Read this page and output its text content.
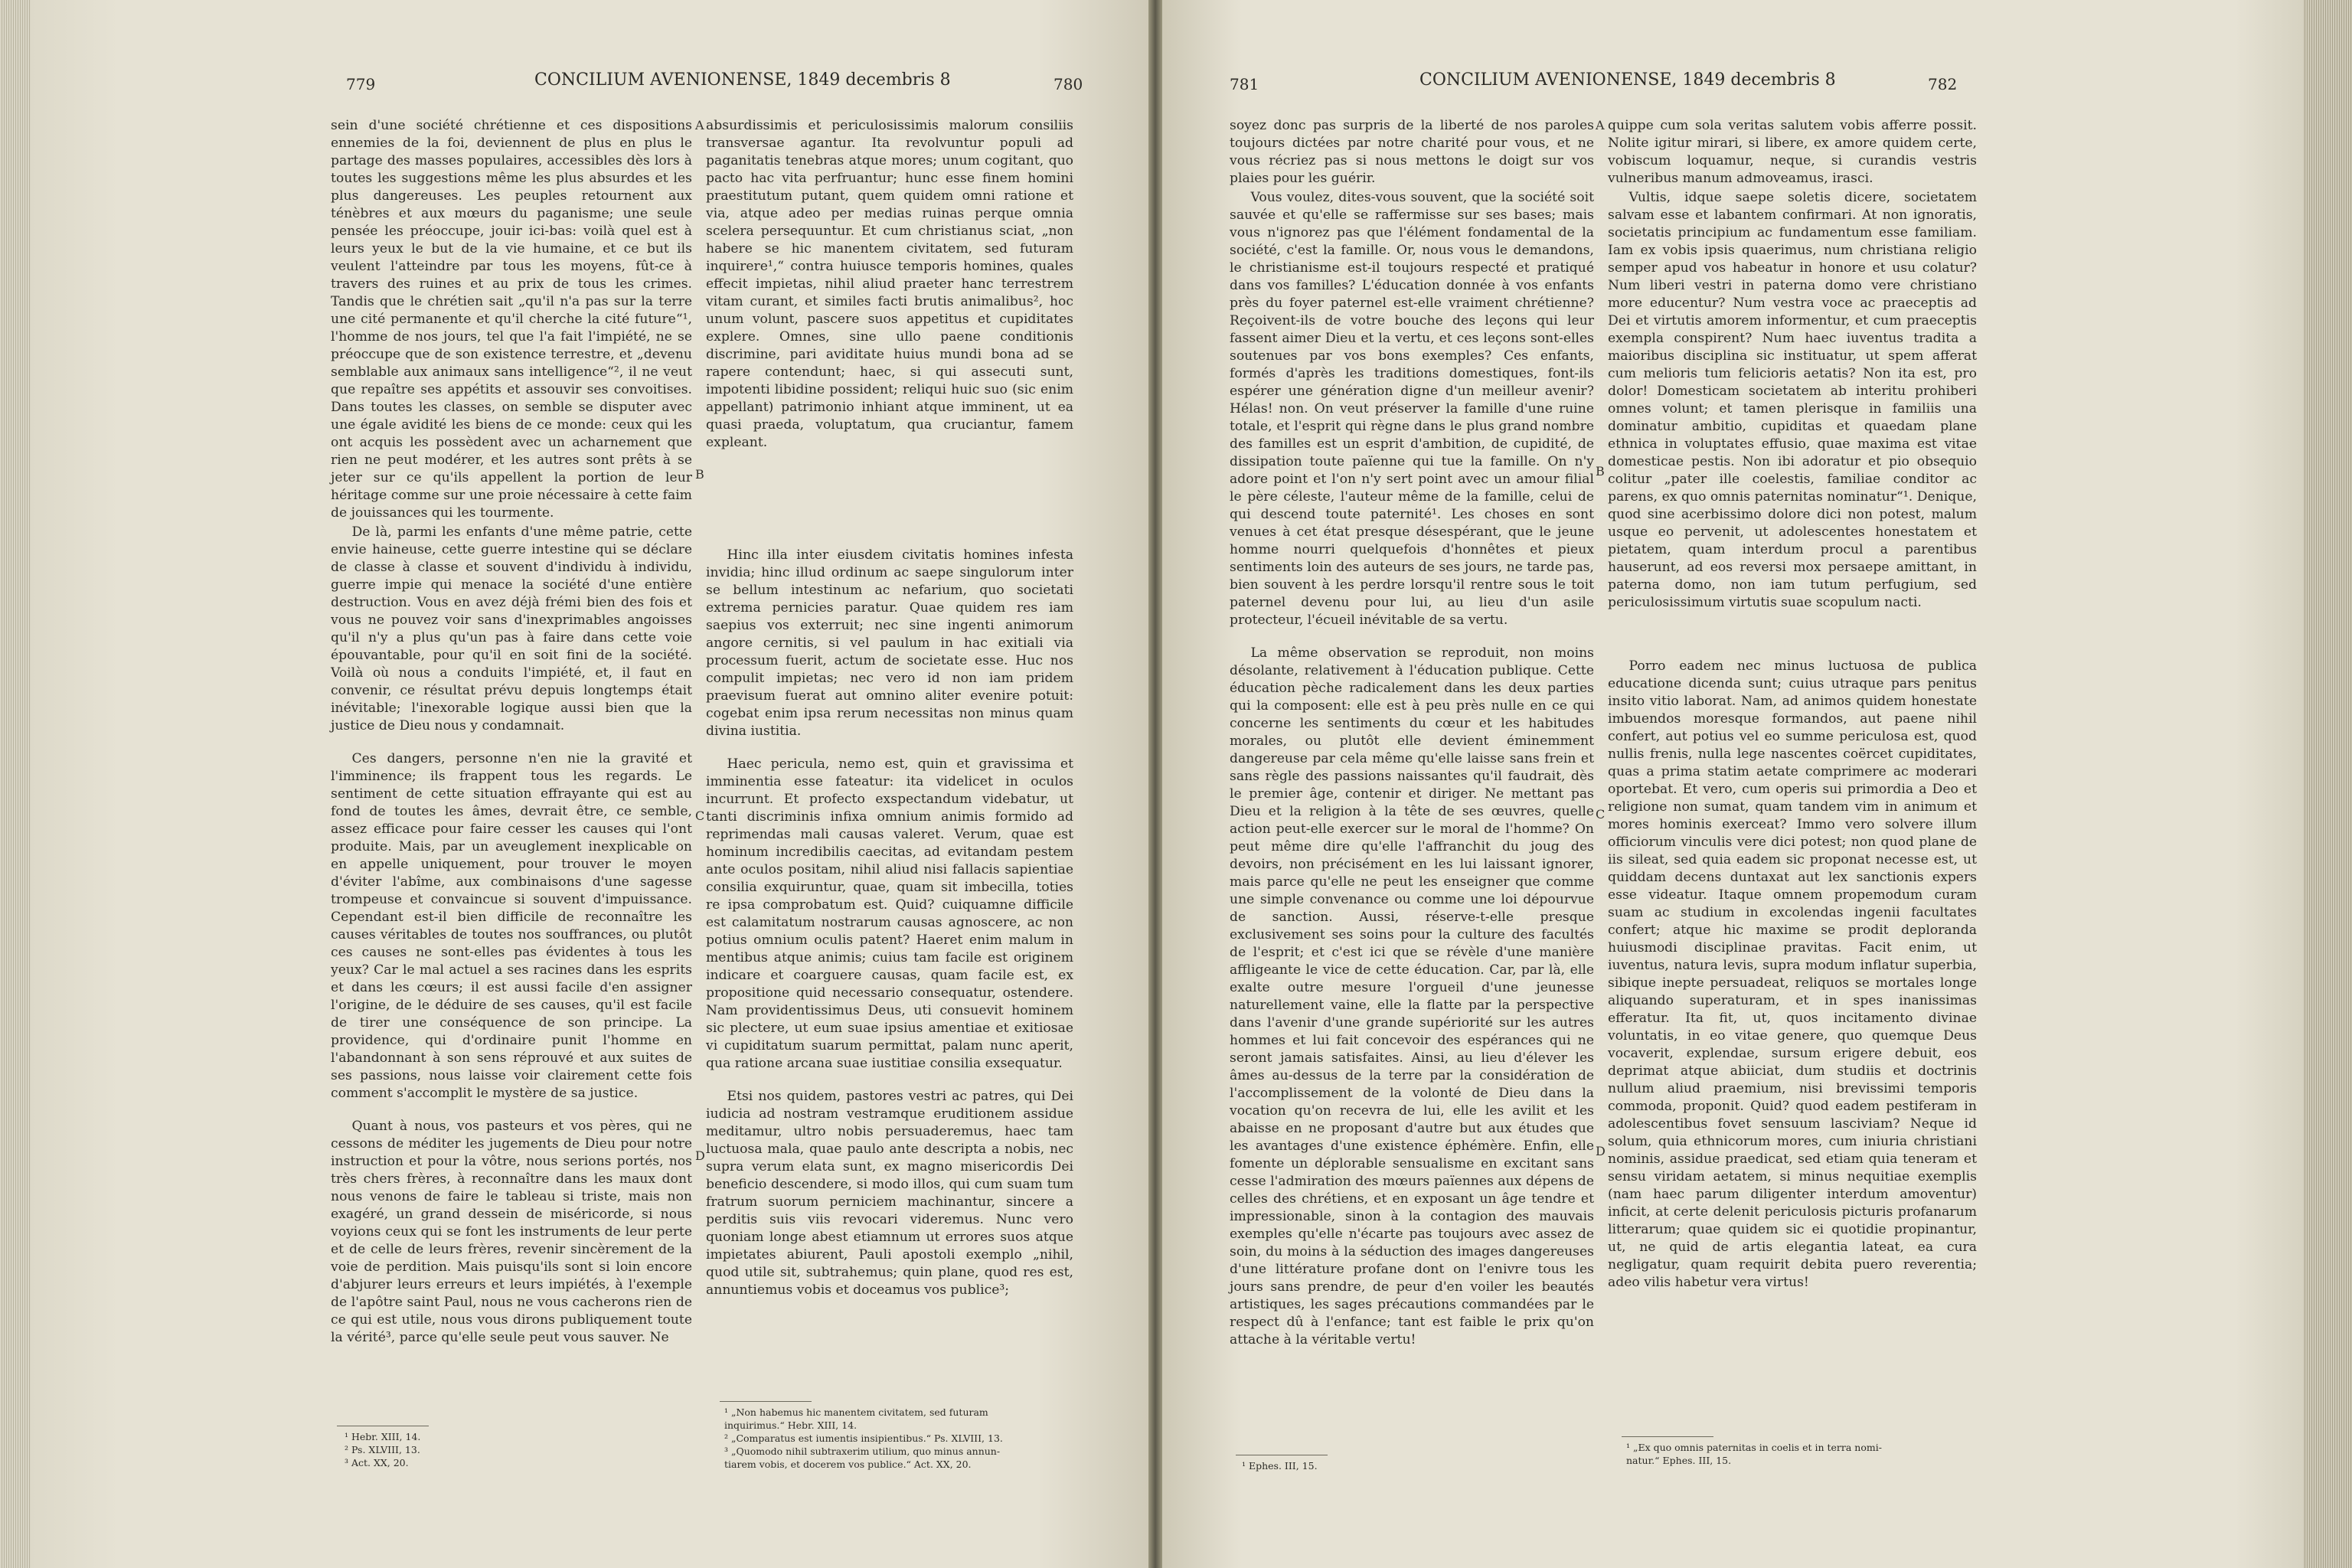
779	CONCILIUM AVENIONENSE, 1849 decembris 8	780

sein d'une société chrétienne et ces dispositions ennemies de la foi, deviennent de plus en plus le partage des masses populaires, accessibles dès lors à toutes les suggestions même les plus absurdes et les plus dangereuses. Les peuples retournent aux ténèbres et aux mœurs du paganisme; une seule pensée les préoccupe, jouir ici-bas: voilà quel est à leurs yeux le but de la vie humaine, et ce but ils veulent l'atteindre par tous les moyens, fût-ce à travers des ruines et au prix de tous les crimes. Tandis que le chrétien sait „qu'il n'a pas sur la terre une cité permanente et qu'il cherche la cité future“¹, l'homme de nos jours, tel que l'a fait l'impiété, ne se préoccupe que de son existence terrestre, et „devenu semblable aux animaux sans intelligence“², il ne veut que repaître ses appétits et assouvir ses convoitises. Dans toutes les classes, on semble se disputer avec une égale avidité les biens de ce monde: ceux qui les ont acquis les possèdent avec un acharnement que rien ne peut modérer, et les autres sont prêts à se jeter sur ce qu'ils appellent la portion de leur héritage comme sur une proie nécessaire à cette faim de jouissances qui les tourmente.

De là, parmi les enfants d'une même patrie, cette envie haineuse, cette guerre intestine qui se déclare de classe à classe et souvent d'individu à individu, guerre impie qui menace la société d'une entière destruction. Vous en avez déjà frémi bien des fois et vous ne pouvez voir sans d'inexprimables angoisses qu'il n'y a plus qu'un pas à faire dans cette voie épouvantable, pour qu'il en soit fini de la société. Voilà où nous a conduits l'impiété, et, il faut en convenir, ce résultat prévu depuis longtemps était inévitable; l'inexorable logique aussi bien que la justice de Dieu nous y condamnait.

Ces dangers, personne n'en nie la gravité et l'imminence; ils frappent tous les regards. Le sentiment de cette situation effrayante qui est au fond de toutes les âmes, devrait être, ce semble, assez efficace pour faire cesser les causes qui l'ont produite. Mais, par un aveuglement inexplicable on en appelle uniquement, pour trouver le moyen d'éviter l'abîme, aux combinaisons d'une sagesse trompeuse et convaincue si souvent d'impuissance. Cependant est-il bien difficile de reconnaître les causes véritables de toutes nos souffrances, ou plutôt ces causes ne sont-elles pas évidentes à tous les yeux? Car le mal actuel a ses racines dans les esprits et dans les cœurs; il est aussi facile d'en assigner l'origine, de le déduire de ses causes, qu'il est facile de tirer une conséquence de son principe. La providence, qui d'ordinaire punit l'homme en l'abandonnant à son sens réprouvé et aux suites de ses passions, nous laisse voir clairement cette fois comment s'accomplit le mystère de sa justice.

Quant à nous, vos pasteurs et vos pères, qui ne cessons de méditer les jugements de Dieu pour notre instruction et pour la vôtre, nous serions portés, nos très chers frères, à reconnaître dans les maux dont nous venons de faire le tableau si triste, mais non exagéré, un grand dessein de miséricorde, si nous voyions ceux qui se font les instruments de leur perte et de celle de leurs frères, revenir sincèrement de la voie de perdition. Mais puisqu'ils sont si loin encore d'abjurer leurs erreurs et leurs impiétés, à l'exemple de l'apôtre saint Paul, nous ne vous cacherons rien de ce qui est utile, nous vous dirons publiquement toute la vérité³, parce qu'elle seule peut vous sauver. Ne

absurdissimis et periculosissimis malorum consiliis transversae agantur. Ita revolvuntur populi ad paganitatis tenebras atque mores; unum cogitant, quo pacto hac vita perfruantur; hunc esse finem homini praestitutum putant, quem quidem omni ratione et via, atque adeo per medias ruinas perque omnia scelera persequuntur. Et cum christianus sciat, „non habere se hic manentem civitatem, sed futuram inquirere¹,“ contra huiusce temporis homines, quales effecit impietas, nihil aliud praeter hanc terrestrem vitam curant, et similes facti brutis animalibus², hoc unum volunt, pascere suos appetitus et cupiditates explere. Omnes, sine ullo paene conditionis discrimine, pari aviditate huius mundi bona ad se rapere contendunt; haec, si qui assecuti sunt, impotenti libidine possident; reliqui huic suo (sic enim appellant) patrimonio inhiant atque imminent, ut ea quasi praeda, voluptatum, qua cruciantur, famem expleant.

Hinc illa inter eiusdem civitatis homines infesta invidia; hinc illud ordinum ac saepe singulorum inter se bellum intestinum ac nefarium, quo societati extrema pernicies paratur. Quae quidem res iam saepius vos exterruit; nec sine ingenti animorum angore cernitis, si vel paulum in hac exitiali via processum fuerit, actum de societate esse. Huc nos compulit impietas; nec vero id non iam pridem praevisum fuerat aut omnino aliter evenire potuit: cogebat enim ipsa rerum necessitas non minus quam divina iustitia.

Haec pericula, nemo est, quin et gravissima et imminentia esse fateatur: ita videlicet in oculos incurrunt. Et profecto exspectandum videbatur, ut tanti discriminis infixa omnium animis formido ad reprimendas mali causas valeret. Verum, quae est hominum incredibilis caecitas, ad evitandam pestem ante oculos positam, nihil aliud nisi fallacis sapientiae consilia exquiruntur, quae, quam sit imbecilla, toties re ipsa comprobatum est. Quid? cuiquamne difficile est calamitatum nostrarum causas agnoscere, ac non potius omnium oculis patent? Haeret enim malum in mentibus atque animis; cuius tam facile est originem indicare et coarguere causas, quam facile est, ex propositione quid necessario consequatur, ostendere. Nam providentissimus Deus, uti consuevit hominem sic plectere, ut eum suae ipsius amentiae et exitiosae vi cupiditatum suarum permittat, palam nunc aperit, qua ratione arcana suae iustitiae consilia exsequatur.

Etsi nos quidem, pastores vestri ac patres, qui Dei iudicia ad nostram vestramque eruditionem assidue meditamur, ultro nobis persuaderemus, haec tam luctuosa mala, quae paulo ante descripta a nobis, nec supra verum elata sunt, ex magno misericordis Dei beneficio descendere, si modo illos, qui cum suam tum fratrum suorum perniciem machinantur, sincere a perditis suis viis revocari videremus. Nunc vero quoniam longe abest etiamnum ut errores suos atque impietates abiurent, Pauli apostoli exemplo „nihil, quod utile sit, subtrahemus; quin plane, quod res est, annuntiemus vobis et doceamus vos publice³;

A
B
C
D
¹ Hebr. XIII, 14.
² Ps. XLVIII, 13.
³ Act. XX, 20.
¹ „Non habemus hic manentem civitatem, sed futuram
inquirimus.“ Hebr. XIII, 14.
² „Comparatus est iumentis insipientibus.“ Ps. XLVIII, 13.
³ „Quomodo nihil subtraxerim utilium, quo minus annun-
tiarem vobis, et docerem vos publice.“ Act. XX, 20.
781	CONCILIUM AVENIONENSE, 1849 decembris 8	782

soyez donc pas surpris de la liberté de nos paroles toujours dictées par notre charité pour vous, et ne vous récriez pas si nous mettons le doigt sur vos plaies pour les guérir.

Vous voulez, dites-vous souvent, que la société soit sauvée et qu'elle se raffermisse sur ses bases; mais vous n'ignorez pas que l'élément fondamental de la société, c'est la famille. Or, nous vous le demandons, le christianisme est-il toujours respecté et pratiqué dans vos familles? L'éducation donnée à vos enfants près du foyer paternel est-elle vraiment chrétienne? Reçoivent-ils de votre bouche des leçons qui leur fassent aimer Dieu et la vertu, et ces leçons sont-elles soutenues par vos bons exemples? Ces enfants, formés d'après les traditions domestiques, font-ils espérer une génération digne d'un meilleur avenir? Hélas! non. On veut préserver la famille d'une ruine totale, et l'esprit qui règne dans le plus grand nombre des familles est un esprit d'ambition, de cupidité, de dissipation toute païenne qui tue la famille. On n'y adore point et l'on n'y sert point avec un amour filial le père céleste, l'auteur même de la famille, celui de qui descend toute paternité¹. Les choses en sont venues à cet état presque désespérant, que le jeune homme nourri quelquefois d'honnêtes et pieux sentiments loin des auteurs de ses jours, ne tarde pas, bien souvent à les perdre lorsqu'il rentre sous le toit paternel devenu pour lui, au lieu d'un asile protecteur, l'écueil inévitable de sa vertu.

La même observation se reproduit, non moins désolante, relativement à l'éducation publique. Cette éducation pèche radicalement dans les deux parties qui la composent: elle est à peu près nulle en ce qui concerne les sentiments du cœur et les habitudes morales, ou plutôt elle devient éminemment dangereuse par cela même qu'elle laisse sans frein et sans règle des passions naissantes qu'il faudrait, dès le premier âge, contenir et diriger. Ne mettant pas Dieu et la religion à la tête de ses œuvres, quelle action peut-elle exercer sur le moral de l'homme? On peut même dire qu'elle l'affranchit du joug des devoirs, non précisément en les lui laissant ignorer, mais parce qu'elle ne peut les enseigner que comme une simple convenance ou comme une loi dépourvue de sanction. Aussi, réserve-t-elle presque exclusivement ses soins pour la culture des facultés de l'esprit; et c'est ici que se révèle d'une manière affligeante le vice de cette éducation. Car, par là, elle exalte outre mesure l'orgueil d'une jeunesse naturellement vaine, elle la flatte par la perspective dans l'avenir d'une grande supériorité sur les autres hommes et lui fait concevoir des espérances qui ne seront jamais satisfaites. Ainsi, au lieu d'élever les âmes au-dessus de la terre par la considération de l'accomplissement de la volonté de Dieu dans la vocation qu'on recevra de lui, elle les avilit et les abaisse en ne proposant d'autre but aux études que les avantages d'une existence éphémère. Enfin, elle fomente un déplorable sensualisme en excitant sans cesse l'admiration des mœurs païennes aux dépens de celles des chrétiens, et en exposant un âge tendre et impressionable, sinon à la contagion des mauvais exemples qu'elle n'écarte pas toujours avec assez de soin, du moins à la séduction des images dangereuses d'une littérature profane dont on l'enivre tous les jours sans prendre, de peur d'en voiler les beautés artistiques, les sages précautions commandées par le respect dû à l'enfance; tant est faible le prix qu'on attache à la véritable vertu!

quippe cum sola veritas salutem vobis afferre possit. Nolite igitur mirari, si libere, ex amore quidem certe, vobiscum loquamur, neque, si curandis vestris vulneribus manum admoveamus, irasci.

Vultis, idque saepe soletis dicere, societatem salvam esse et labantem confirmari. At non ignoratis, societatis principium ac fundamentum esse familiam. Iam ex vobis ipsis quaerimus, num christiana religio semper apud vos habeatur in honore et usu colatur? Num liberi vestri in paterna domo vere christiano more educentur? Num vestra voce ac praeceptis ad Dei et virtutis amorem informentur, et cum praeceptis exempla conspirent? Num haec iuventus tradita a maioribus disciplina sic instituatur, ut spem afferat cum melioris tum felicioris aetatis? Non ita est, pro dolor! Domesticam societatem ab interitu prohiberi omnes volunt; et tamen plerisque in familiis una dominatur ambitio, cupiditas et quaedam plane ethnica in voluptates effusio, quae maxima est vitae domesticae pestis. Non ibi adoratur et pio obsequio colitur „pater ille coelestis, familiae conditor ac parens, ex quo omnis paternitas nominatur“¹. Denique, quod sine acerbissimo dolore dici non potest, malum usque eo pervenit, ut adolescentes honestatem et pietatem, quam interdum procul a parentibus hauserunt, ad eos reversi mox persaepe amittant, in paterna domo, non iam tutum perfugium, sed periculosissimum virtutis suae scopulum nacti.

Porro eadem nec minus luctuosa de publica educatione dicenda sunt; cuius utraque pars penitus insito vitio laborat. Nam, ad animos quidem honestate imbuendos moresque formandos, aut paene nihil confert, aut potius vel eo summe periculosa est, quod nullis frenis, nulla lege nascentes coërcet cupiditates, quas a prima statim aetate comprimere ac moderari oportebat. Et vero, cum operis sui primordia a Deo et religione non sumat, quam tandem vim in animum et mores hominis exerceat? Immo vero solvere illum officiorum vinculis vere dici potest; non quod plane de iis sileat, sed quia eadem sic proponat necesse est, ut quiddam decens duntaxat aut lex sanctionis expers esse videatur. Itaque omnem propemodum curam suam ac studium in excolendas ingenii facultates confert; atque hic maxime se prodit deploranda huiusmodi disciplinae pravitas. Facit enim, ut iuventus, natura levis, supra modum inflatur superbia, sibique inepte persuadeat, reliquos se mortales longe aliquando superaturam, et in spes inanissimas efferatur. Ita fit, ut, quos incitamento divinae voluntatis, in eo vitae genere, quo quemque Deus vocaverit, explendae, sursum erigere debuit, eos deprimat atque abiiciat, dum studiis et doctrinis nullum aliud praemium, nisi brevissimi temporis commoda, proponit. Quid? quod eadem pestiferam in adolescentibus fovet sensuum lasciviam? Neque id solum, quia ethnicorum mores, cum iniuria christiani nominis, assidue praedicat, sed etiam quia teneram et sensu viridam aetatem, si minus nequitiae exemplis (nam haec parum diligenter interdum amoventur) inficit, at certe delenit periculosis picturis profanarum litterarum; quae quidem sic ei quotidie propinantur, ut, ne quid de artis elegantia lateat, ea cura negligatur, quam requirit debita puero reverentia; adeo vilis habetur vera virtus!

A
B
C
D
¹ Ephes. III, 15.
¹ „Ex quo omnis paternitas in coelis et in terra nomi-
natur.“ Ephes. III, 15.
